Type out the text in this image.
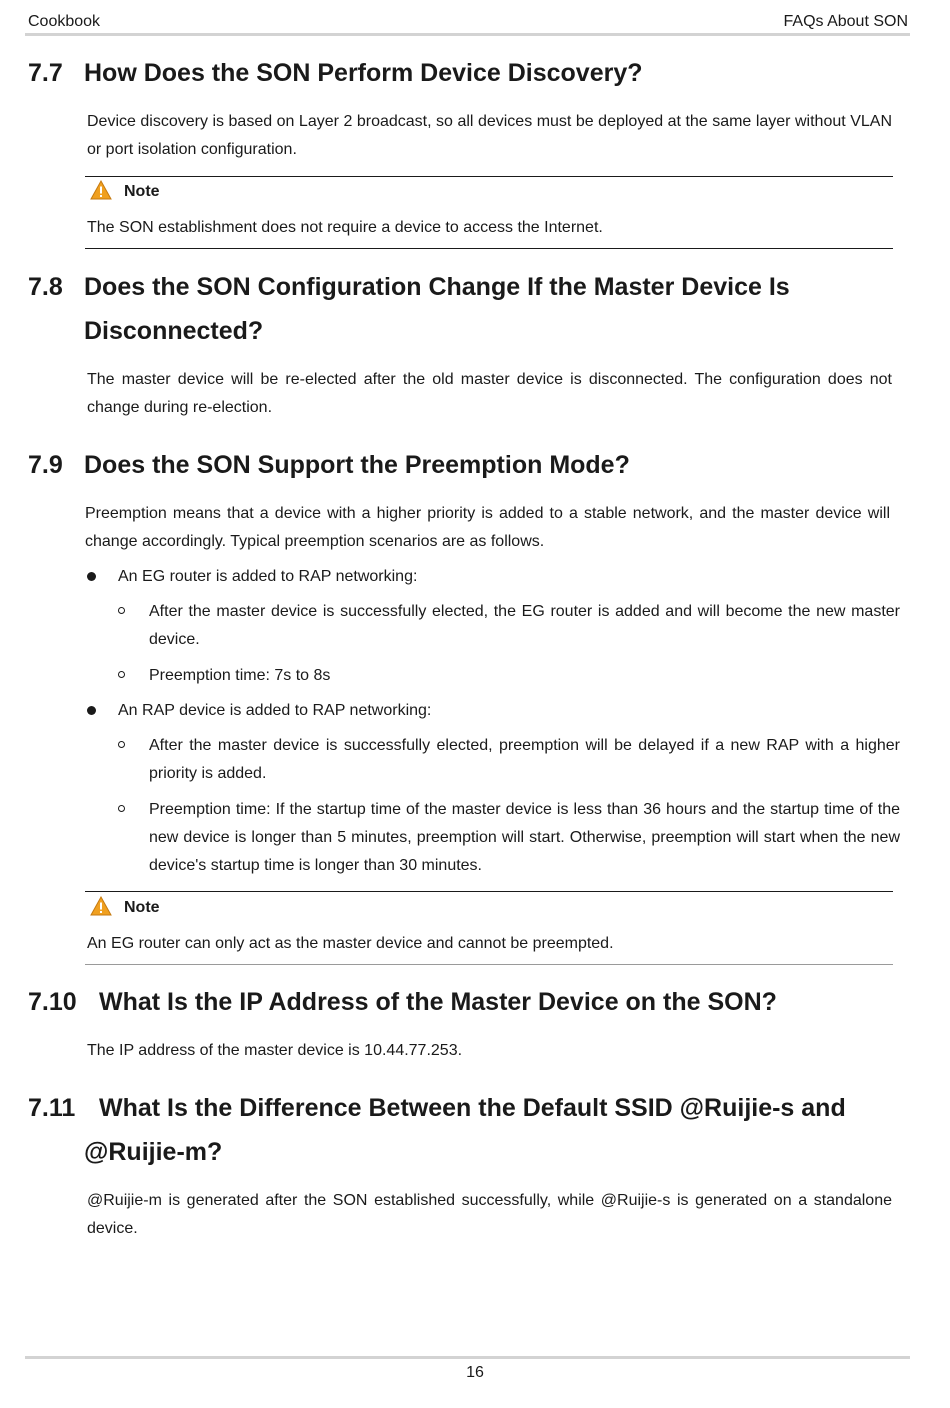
Cookbook	FAQs About SON
7.7 How Does the SON Perform Device Discovery?

Device discovery is based on Layer 2 broadcast, so all devices must be deployed at the same layer without VLAN or port isolation configuration.

Note
The SON establishment does not require a device to access the Internet.
7.8 Does the SON Configuration Change If the Master Device Is
Disconnected?

The master device will be re-elected after the old master device is disconnected. The configuration does not change during re-election.

7.9 Does the SON Support the Preemption Mode?

Preemption means that a device with a higher priority is added to a stable network, and the master device will change accordingly. Typical preemption scenarios are as follows.

An EG router is added to RAP networking:
After the master device is successfully elected, the EG router is added and will become the new master device.
Preemption time: 7s to 8s
An RAP device is added to RAP networking:
After the master device is successfully elected, preemption will be delayed if a new RAP with a higher priority is added.
Preemption time: If the startup time of the master device is less than 36 hours and the startup time of the new device is longer than 5 minutes, preemption will start. Otherwise, preemption will start when the new device's startup time is longer than 30 minutes.
Note
An EG router can only act as the master device and cannot be preempted.
7.10 What Is the IP Address of the Master Device on the SON?

The IP address of the master device is 10.44.77.253.

7.11 What Is the Difference Between the Default SSID @Ruijie-s and
@Ruijie-m?

@Ruijie-m is generated after the SON established successfully, while @Ruijie-s is generated on a standalone device.

16
